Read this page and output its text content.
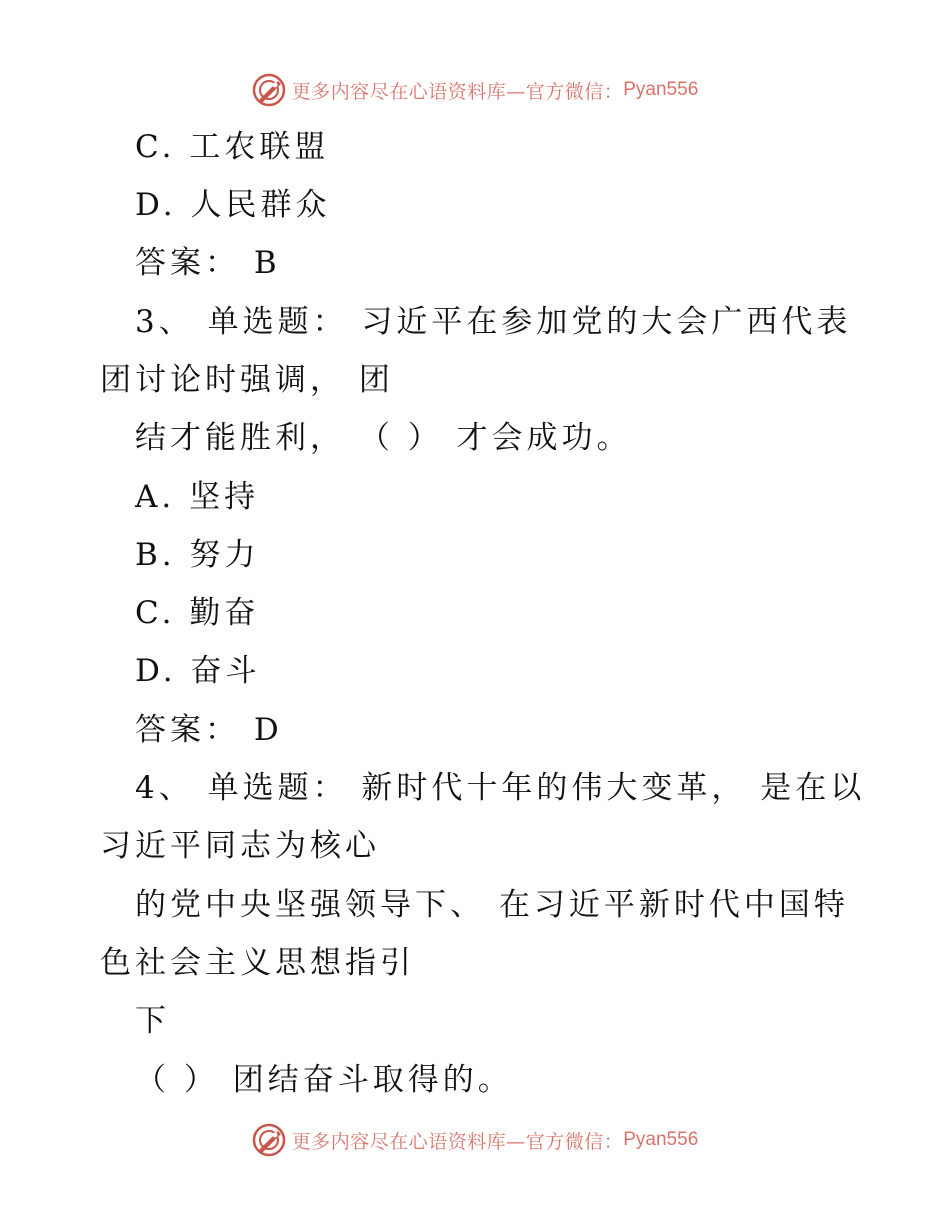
更多内容尽在心语资料库—官方微信： Pyan556
C. 工农联盟
D. 人民群众
答案： B
3、 单选题： 习近平在参加党的大会广西代表
团讨论时强调， 团
结才能胜利， （ ） 才会成功。
A. 坚持
B. 努力
C. 勤奋
D. 奋斗
答案： D
4、 单选题： 新时代十年的伟大变革， 是在以
习近平同志为核心
的党中央坚强领导下、 在习近平新时代中国特
色社会主义思想指引
下
（ ） 团结奋斗取得的。
更多内容尽在心语资料库—官方微信： Pyan556
